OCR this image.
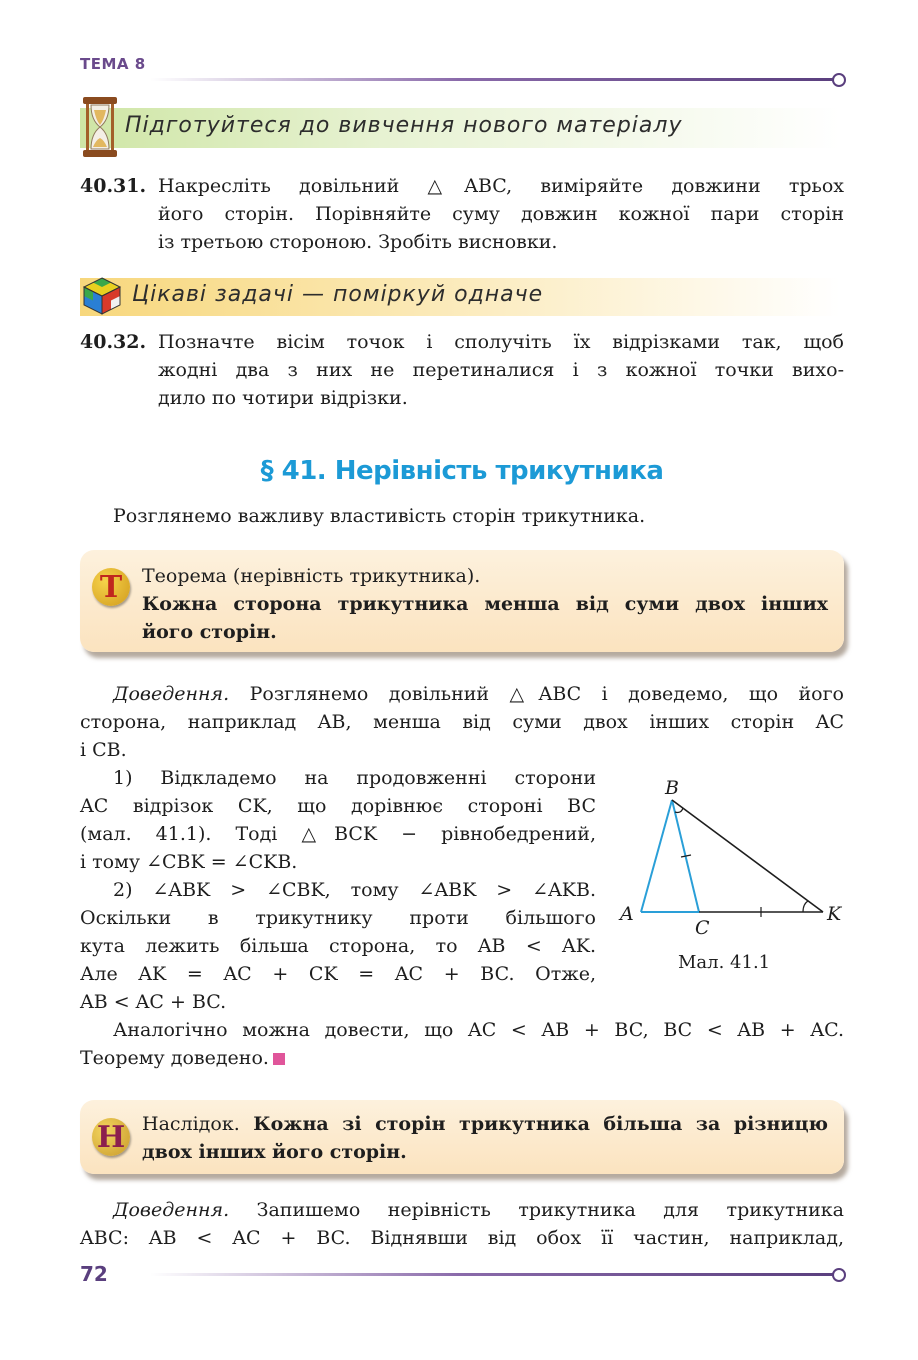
ТЕМА 8
Підготуйтеся до вивчення нового матеріалу
40.31. Накресліть довільний △ABC, виміряйте довжини трьох
його сторін. Порівняйте суму довжин кожної пари сторін
із третьою стороною. Зробіть висновки.
Цікаві задачі — поміркуй одначе
40.32. Позначте вісім точок і сполучіть їх відрізками так, щоб
жодні два з них не перетиналися і з кожної точки вихо-
дило по чотири відрізки.
§ 41. Нерівність трикутника
Розглянемо важливу властивість сторін трикутника.
Т	Теорема (нерівність трикутника).
Кожна сторона трикутника менша від суми двох інших
його сторін.
Доведення. Розглянемо довільний △ABC і доведемо, що його
сторона, наприклад AB, менша від суми двох інших сторін AC
і CB.
1) Відкладемо на продовженні сторони
AC відрізок CK, що дорівнює стороні BC
(мал. 41.1). Тоді △BCK − рівнобедрений,
і тому ∠CBK = ∠CKB.
2) ∠ABK > ∠CBK, тому ∠ABK > ∠AKB.
Оскільки в трикутнику проти більшого
кута лежить більша сторона, то AB < AK.
Але AK = AC + CK = AC + BC. Отже,
AB < AC + BC.
B
A
C
K
Мал. 41.1
Аналогічно можна довести, що AC < AB + BC, BC < AB + AC.
Теорему доведено.
Н Наслідок. Кожна зі сторін трикутника більша за різницю
двох інших його сторін.
Доведення. Запишемо нерівність трикутника для трикутника
ABC: AB < AC + BC. Віднявши від обох її частин, наприклад,
72
